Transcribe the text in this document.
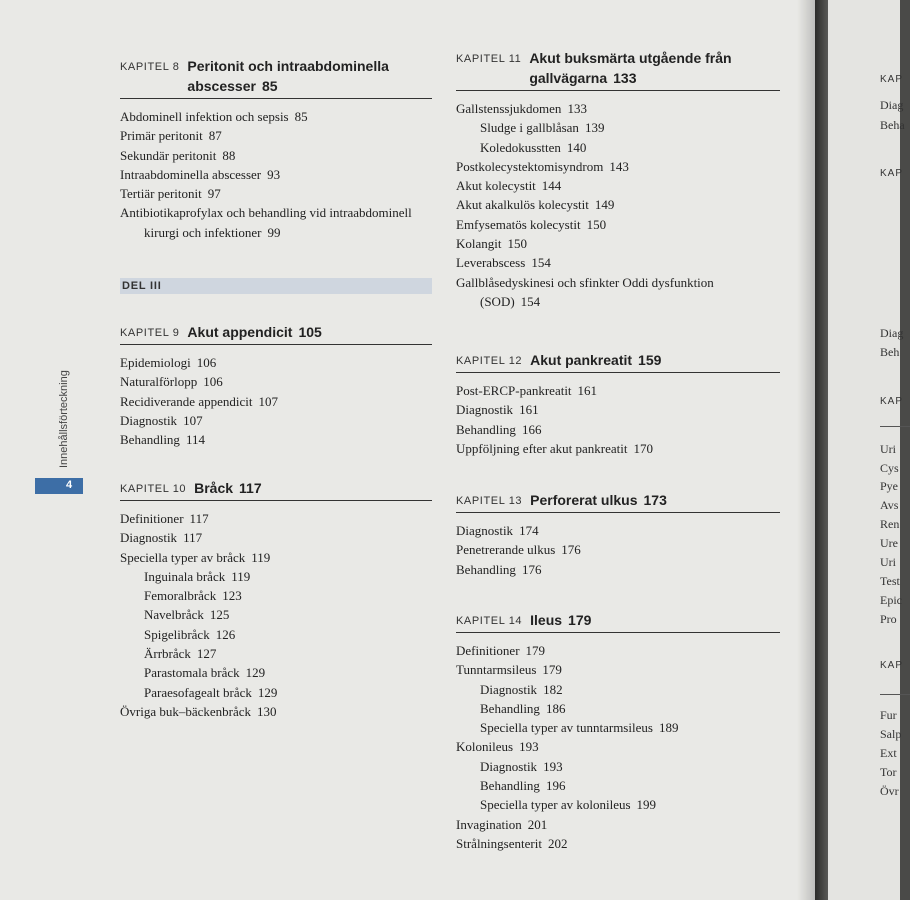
Innehållsförteckning
4
KAPITEL 8 Peritonit och intraabdominella abscesser 85
Abdominell infektion och sepsis 85
Primär peritonit 87
Sekundär peritonit 88
Intraabdominella abscesser 93
Tertiär peritonit 97
Antibiotikaprofylax och behandling vid intraabdominell
kirurgi och infektioner 99
DEL III
KAPITEL 9 Akut appendicit 105
Epidemiologi 106
Naturalförlopp 106
Recidiverande appendicit 107
Diagnostik 107
Behandling 114
KAPITEL 10 Bråck 117
Definitioner 117
Diagnostik 117
Speciella typer av bråck 119
Inguinala bråck 119
Femoralbråck 123
Navelbråck 125
Spigelibråck 126
Ärrbråck 127
Parastomala bråck 129
Paraesofagealt bråck 129
Övriga buk–bäckenbråck 130
KAPITEL 11 Akut buksmärta utgående från gallvägarna 133
Gallstenssjukdomen 133
Sludge i gallblåsan 139
Koledokusstten 140
Postkolecystektomisyndrom 143
Akut kolecystit 144
Akut akalkulös kolecystit 149
Emfysematös kolecystit 150
Kolangit 150
Leverabscess 154
Gallblåsedyskinesi och sfinkter Oddi dysfunktion
(SOD) 154
KAPITEL 12 Akut pankreatit 159
Post-ERCP-pankreatit 161
Diagnostik 161
Behandling 166
Uppföljning efter akut pankreatit 170
KAPITEL 13 Perforerat ulkus 173
Diagnostik 174
Penetrerande ulkus 176
Behandling 176
KAPITEL 14 Ileus 179
Definitioner 179
Tunntarmsileus 179
Diagnostik 182
Behandling 186
Speciella typer av tunntarmsileus 189
Kolonileus 193
Diagnostik 193
Behandling 196
Speciella typer av kolonileus 199
Invagination 201
Strålningsenterit 202
KAP
Diag
Beha
KAP
Diag
Beh
KAP
Uri
Cys
Pye
Avs
Ren
Ure
Uri
Test
Epic
Pro
KAP
Fur
Salp
Ext
Tor
Övr
